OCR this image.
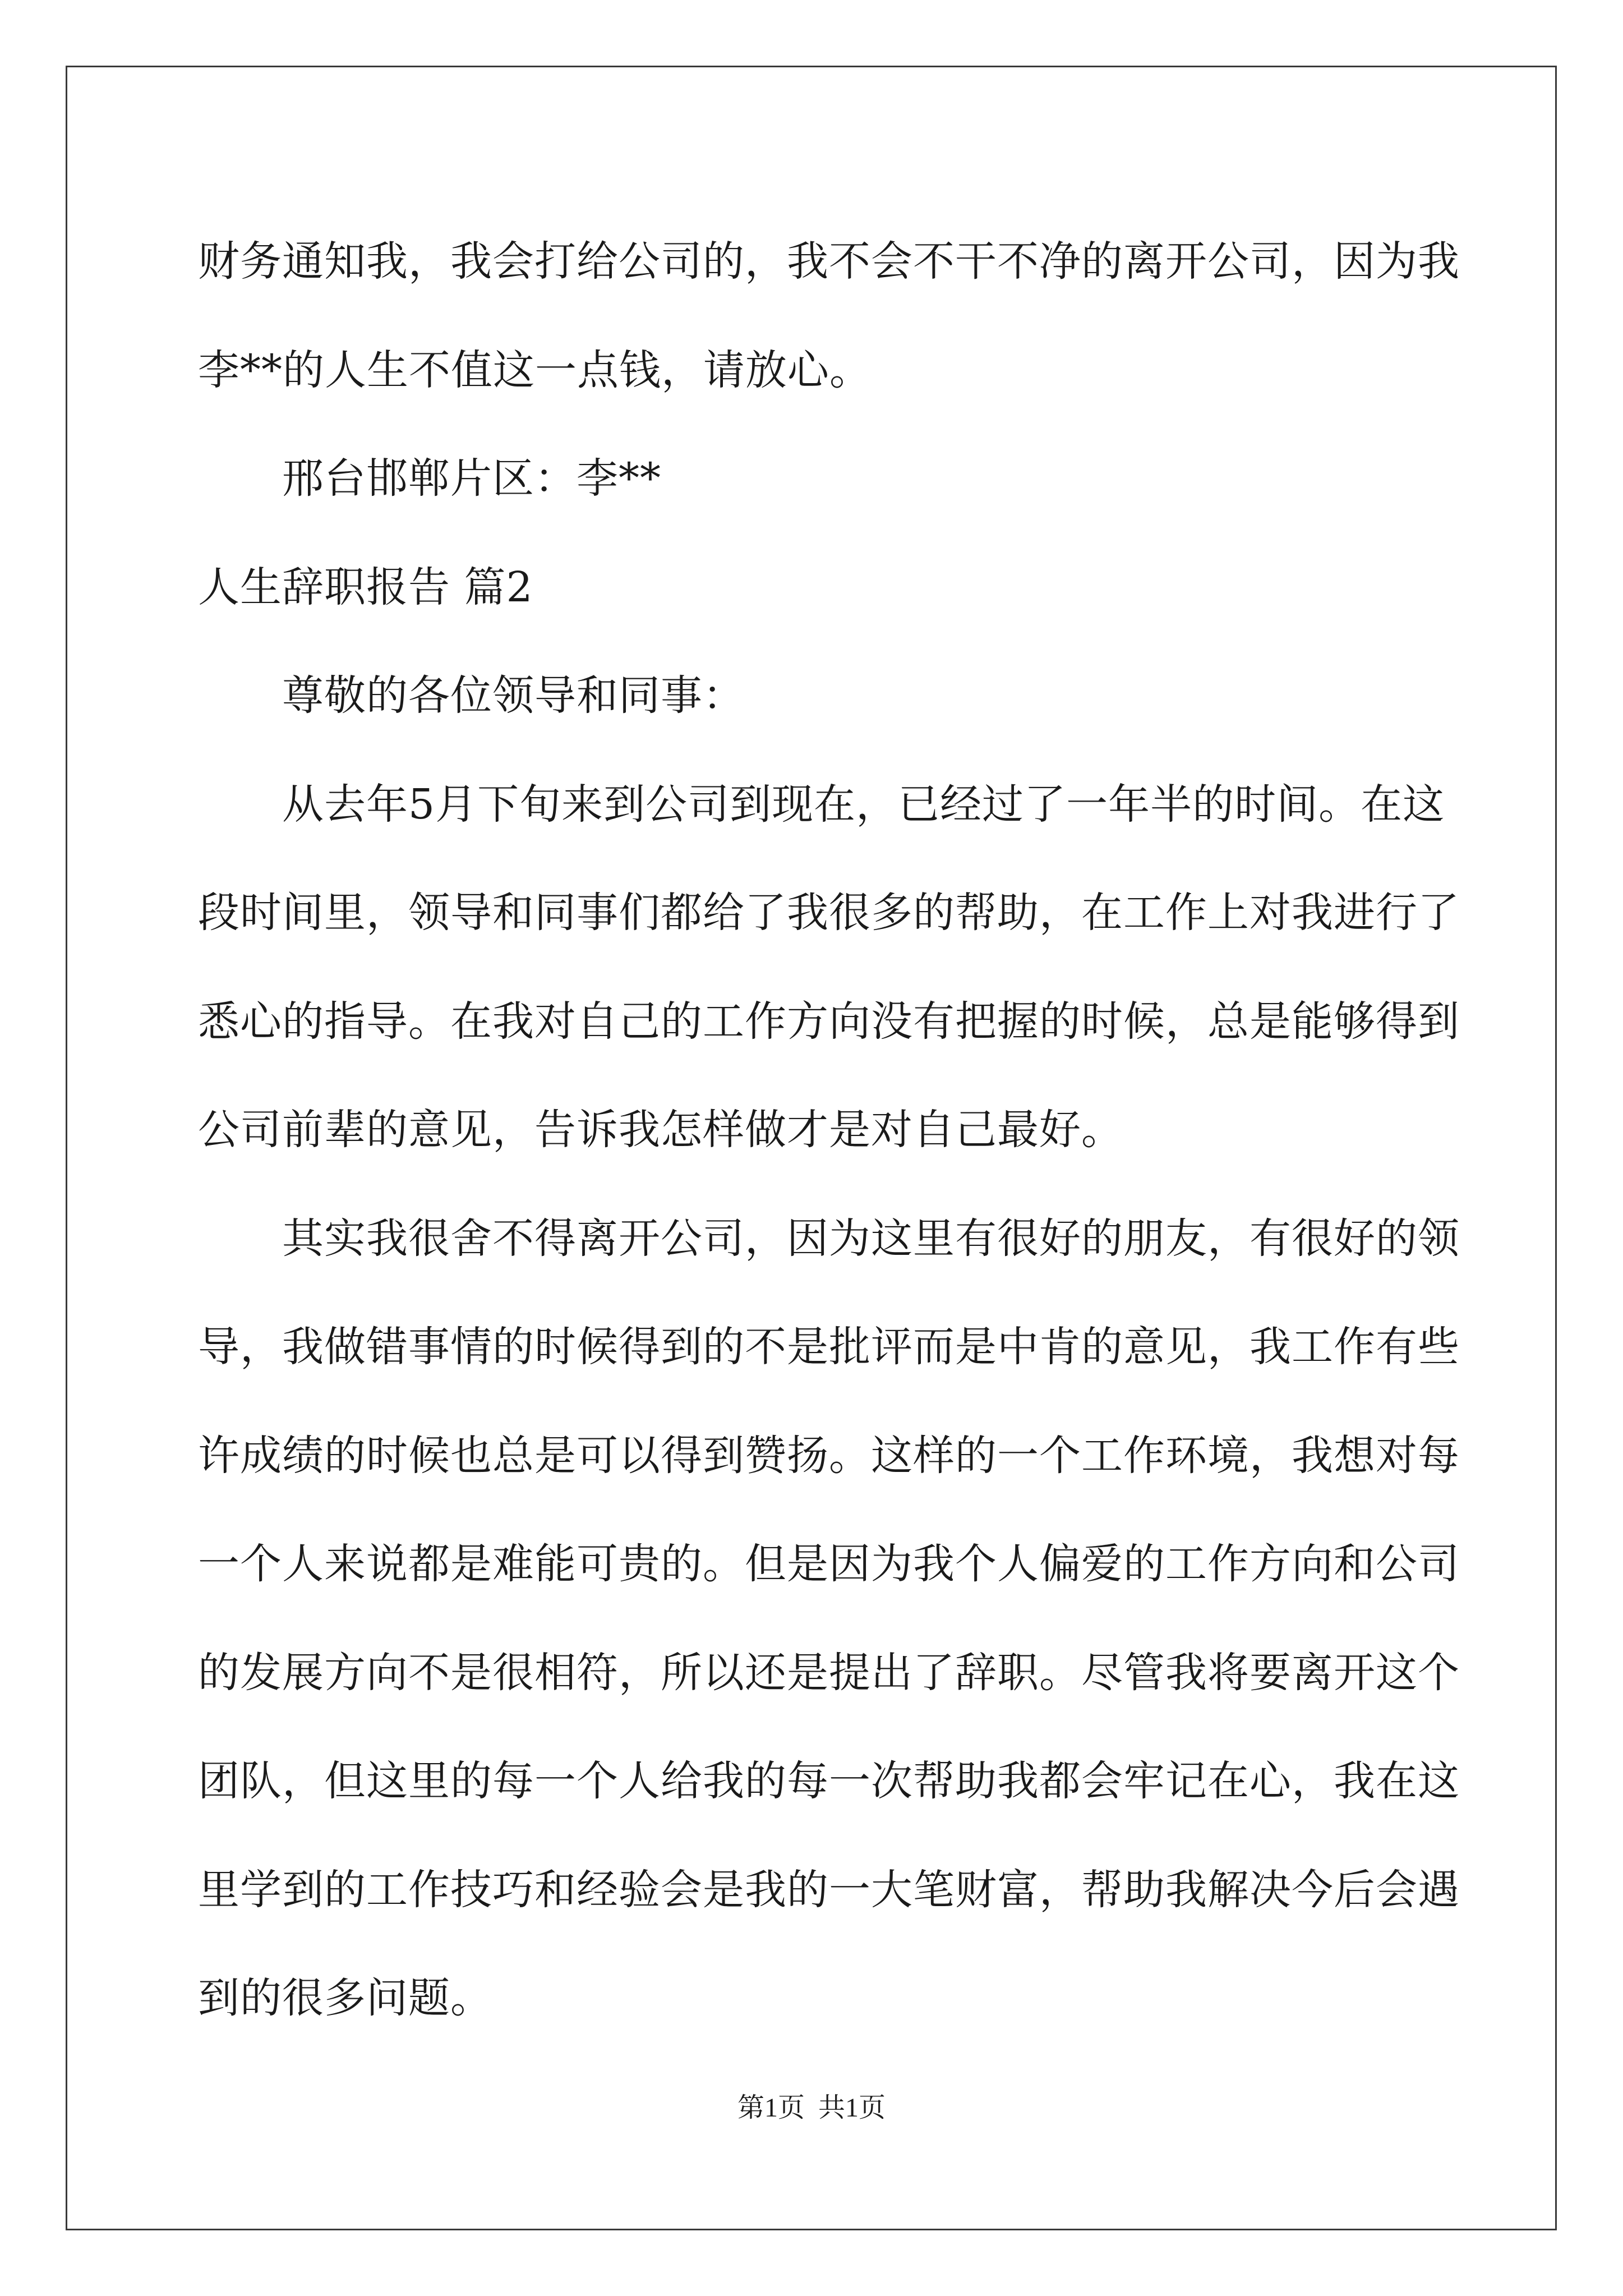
财务通知我，我会打给公司的，我不会不干不净的离开公司，因为我
李**的人生不值这一点钱，请放心。
邢台邯郸片区：李**
人生辞职报告 篇2
尊敬的各位领导和同事：
从去年5月下旬来到公司到现在，已经过了一年半的时间。在这
段时间里，领导和同事们都给了我很多的帮助，在工作上对我进行了
悉心的指导。在我对自己的工作方向没有把握的时候，总是能够得到
公司前辈的意见，告诉我怎样做才是对自己最好。
其实我很舍不得离开公司，因为这里有很好的朋友，有很好的领
导，我做错事情的时候得到的不是批评而是中肯的意见，我工作有些
许成绩的时候也总是可以得到赞扬。这样的一个工作环境，我想对每
一个人来说都是难能可贵的。但是因为我个人偏爱的工作方向和公司
的发展方向不是很相符，所以还是提出了辞职。尽管我将要离开这个
团队，但这里的每一个人给我的每一次帮助我都会牢记在心，我在这
里学到的工作技巧和经验会是我的一大笔财富，帮助我解决今后会遇
到的很多问题。
第1页 共1页
